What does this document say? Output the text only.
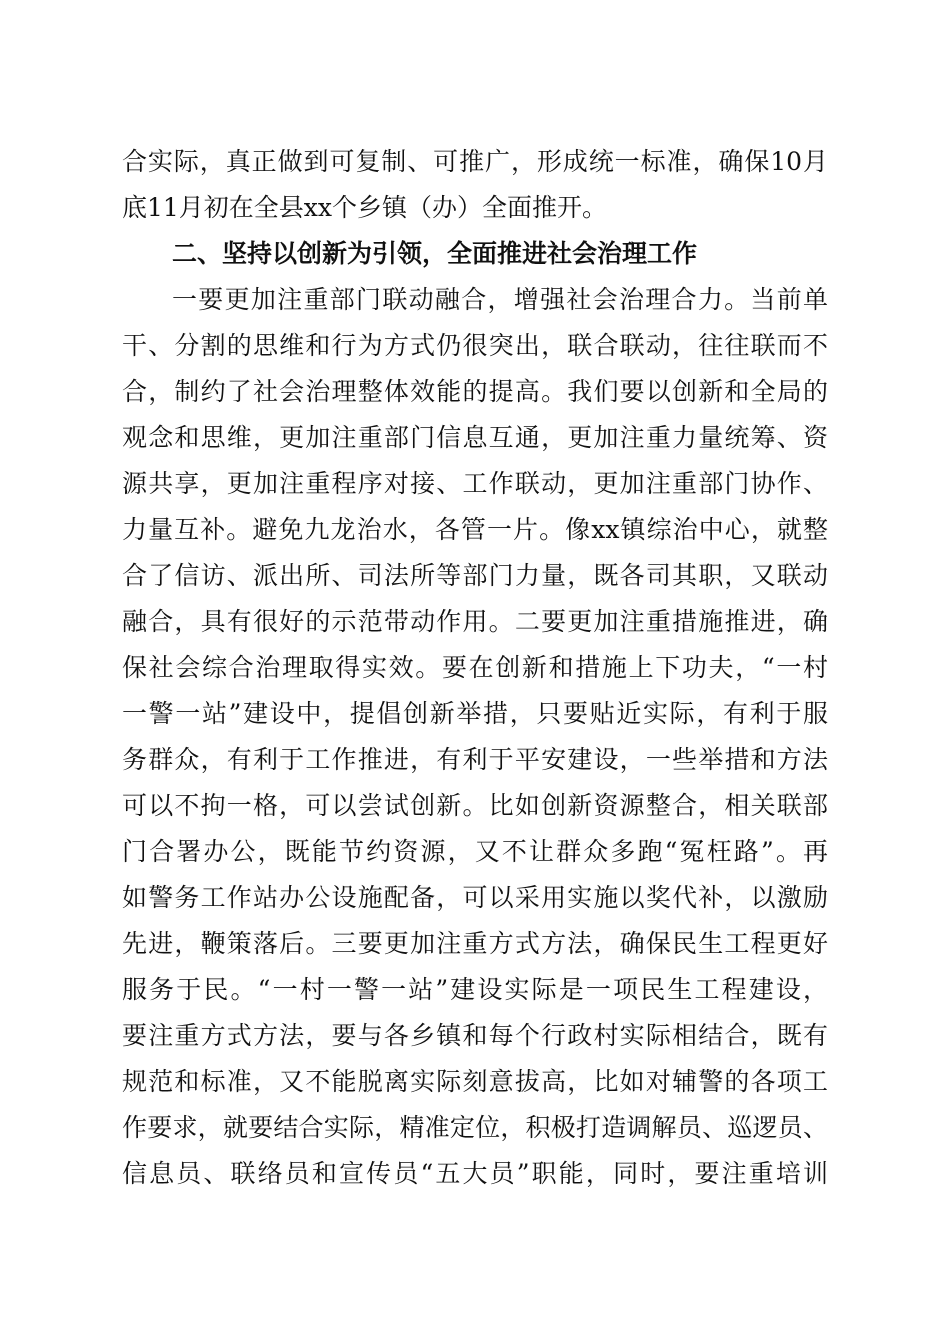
合实际，真正做到可复制、可推广，形成统一标准，确保10月
底11月初在全县xx个乡镇（办）全面推开。
二、坚持以创新为引领，全面推进社会治理工作
一要更加注重部门联动融合，增强社会治理合力。当前单
干、分割的思维和行为方式仍很突出，联合联动，往往联而不
合，制约了社会治理整体效能的提高。我们要以创新和全局的
观念和思维，更加注重部门信息互通，更加注重力量统筹、资
源共享，更加注重程序对接、工作联动，更加注重部门协作、
力量互补。避免九龙治水，各管一片。像xx镇综治中心，就整
合了信访、派出所、司法所等部门力量，既各司其职，又联动
融合，具有很好的示范带动作用。二要更加注重措施推进，确
保社会综合治理取得实效。要在创新和措施上下功夫，“一村
一警一站”建设中，提倡创新举措，只要贴近实际，有利于服
务群众，有利于工作推进，有利于平安建设，一些举措和方法
可以不拘一格，可以尝试创新。比如创新资源整合，相关联部
门合署办公，既能节约资源，又不让群众多跑“冤枉路”。再
如警务工作站办公设施配备，可以采用实施以奖代补，以激励
先进，鞭策落后。三要更加注重方式方法，确保民生工程更好
服务于民。“一村一警一站”建设实际是一项民生工程建设，
要注重方式方法，要与各乡镇和每个行政村实际相结合，既有
规范和标准，又不能脱离实际刻意拔高，比如对辅警的各项工
作要求，就要结合实际，精准定位，积极打造调解员、巡逻员、
信息员、联络员和宣传员“五大员”职能，同时，要注重培训
